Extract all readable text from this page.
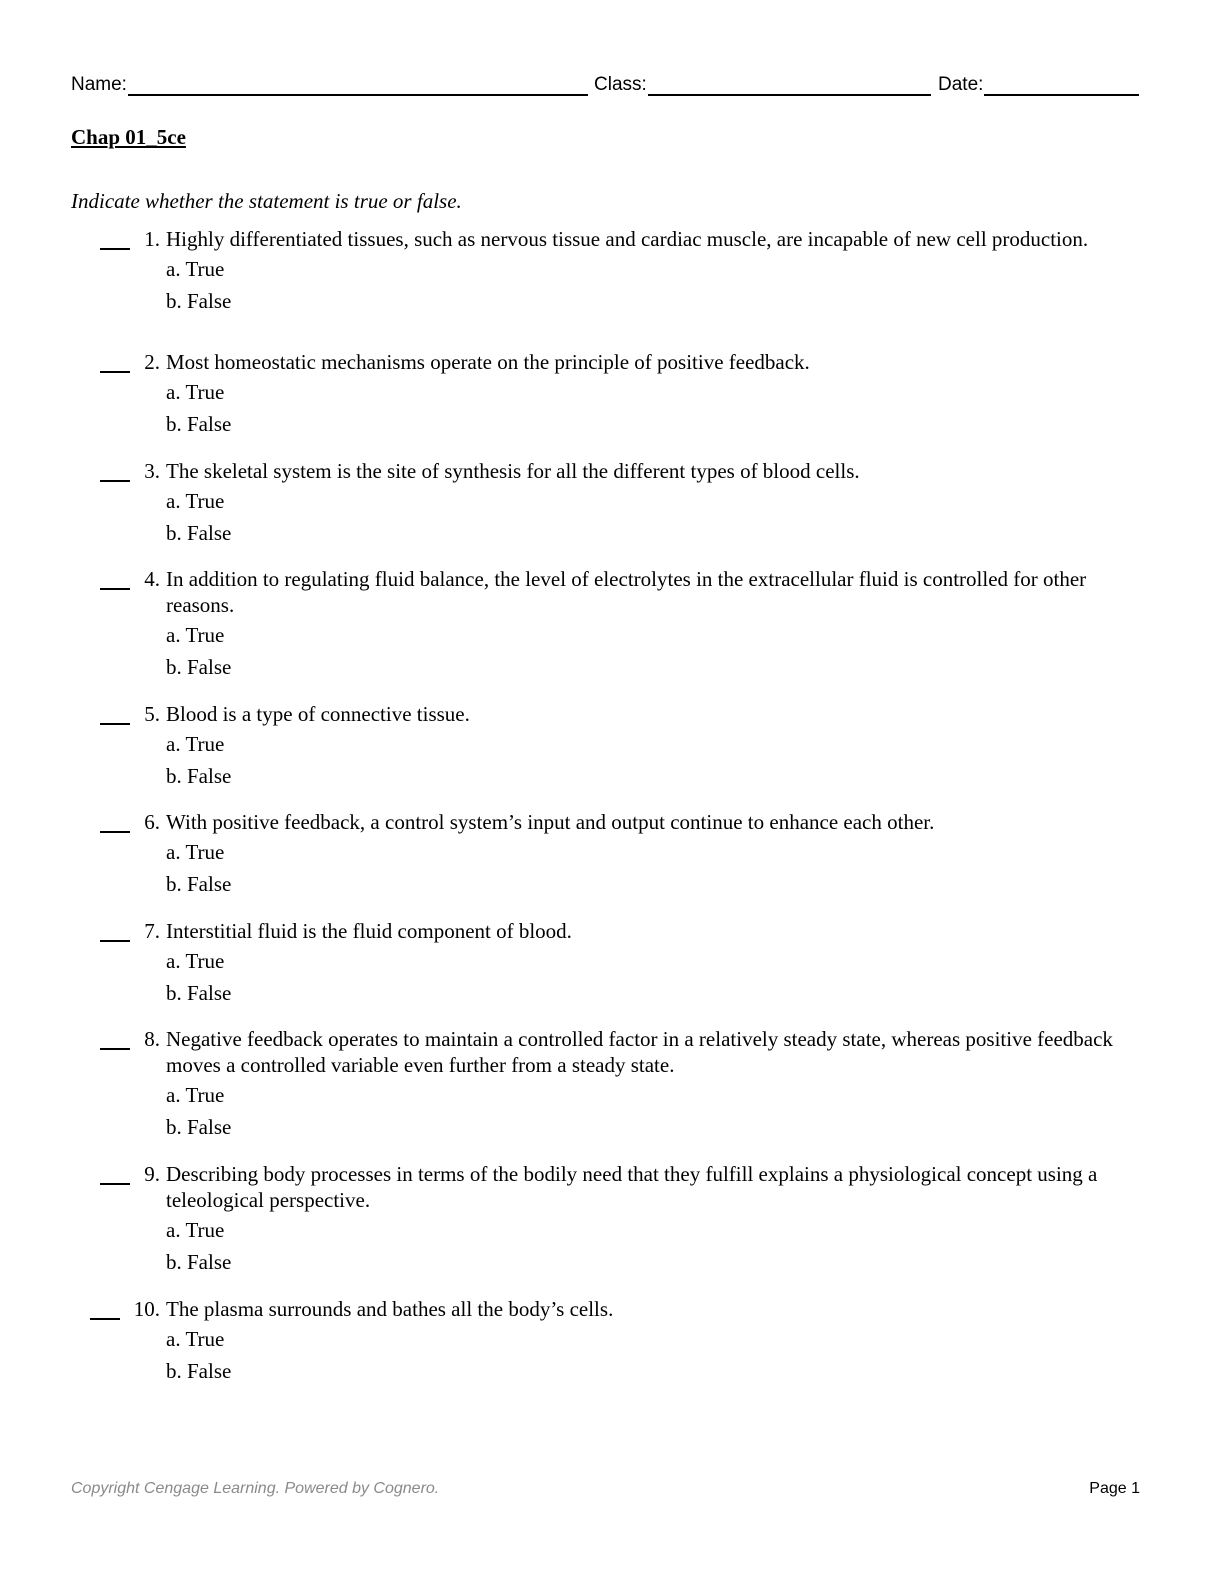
Name:	Class:	Date:
Chap 01_5ce
Indicate whether the statement is true or false.
1. Highly differentiated tissues, such as nervous tissue and cardiac muscle, are incapable of new cell production.
a. True
b. False
2. Most homeostatic mechanisms operate on the principle of positive feedback.
a. True
b. False
3. The skeletal system is the site of synthesis for all the different types of blood cells.
a. True
b. False
4. In addition to regulating fluid balance, the level of electrolytes in the extracellular fluid is controlled for other reasons.
a. True
b. False
5. Blood is a type of connective tissue.
a. True
b. False
6. With positive feedback, a control system’s input and output continue to enhance each other.
a. True
b. False
7. Interstitial fluid is the fluid component of blood.
a. True
b. False
8. Negative feedback operates to maintain a controlled factor in a relatively steady state, whereas positive feedback moves a controlled variable even further from a steady state.
a. True
b. False
9. Describing body processes in terms of the bodily need that they fulfill explains a physiological concept using a teleological perspective.
a. True
b. False
10. The plasma surrounds and bathes all the body’s cells.
a. True
b. False
Copyright Cengage Learning. Powered by Cognero.	Page 1
